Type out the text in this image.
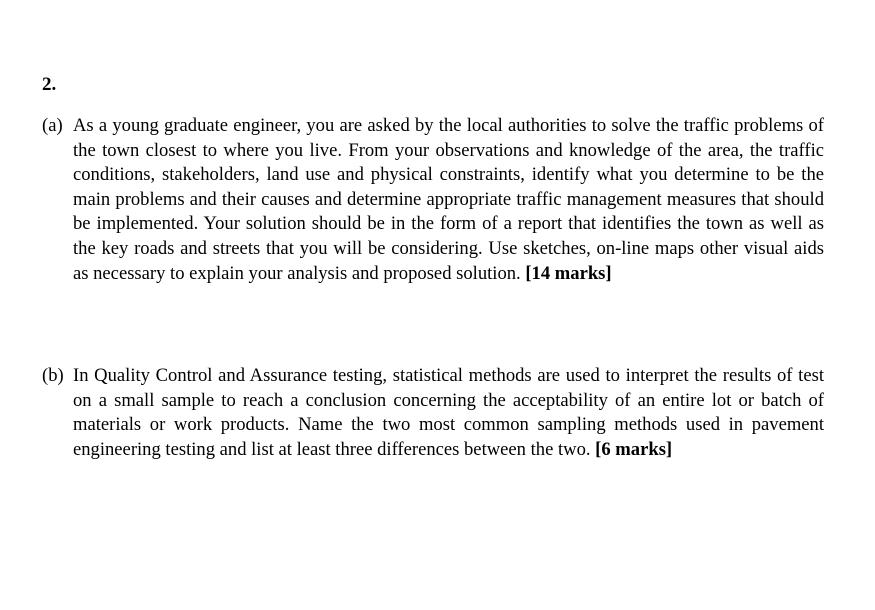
2.
(a) As a young graduate engineer, you are asked by the local authorities to solve the traffic problems of the town closest to where you live. From your observations and knowledge of the area, the traffic conditions, stakeholders, land use and physical constraints, identify what you determine to be the main problems and their causes and determine appropriate traffic management measures that should be implemented. Your solution should be in the form of a report that identifies the town as well as the key roads and streets that you will be considering. Use sketches, on-line maps other visual aids as necessary to explain your analysis and proposed solution. [14 marks]
(b) In Quality Control and Assurance testing, statistical methods are used to interpret the results of test on a small sample to reach a conclusion concerning the acceptability of an entire lot or batch of materials or work products. Name the two most common sampling methods used in pavement engineering testing and list at least three differences between the two. [6 marks]
